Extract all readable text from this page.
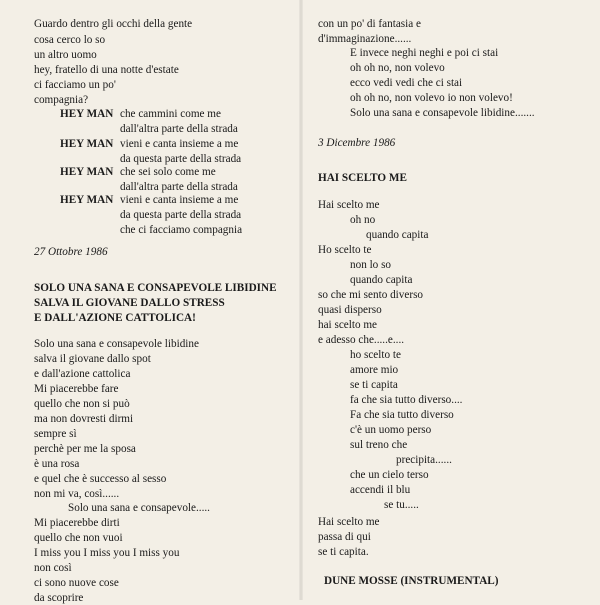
Guardo dentro gli occhi della gente
cosa cerco lo so
un altro uomo
hey, fratello di una notte d'estate
ci facciamo un po'
compagnia?
HEY MAN che cammini come me
dall'altra parte della strada
HEY MAN vieni e canta insieme a me
da questa parte della strada
HEY MAN che sei solo come me
dall'altra parte della strada
HEY MAN vieni e canta insieme a me
da questa parte della strada
che ci facciamo compagnia
27 Ottobre 1986
SOLO UNA SANA E CONSAPEVOLE LIBIDINE
SALVA IL GIOVANE DALLO STRESS
E DALL'AZIONE CATTOLICA!
Solo una sana e consapevole libidine
salva il giovane dallo spot
e dall'azione cattolica
Mi piacerebbe fare
quello che non si può
ma non dovresti dirmi
sempre sì
perchè per me la sposa
è una rosa
e quel che è successo al sesso
non mi va, così......
Solo una sana e consapevole.....
Mi piacerebbe dirti
quello che non vuoi
I miss you I miss you I miss you
non così
ci sono nuove cose
da scoprire
con un po' di fantasia e
d'immaginazione......
E invece neghi neghi e poi ci stai
oh oh no, non volevo
ecco vedi vedi che ci stai
oh oh no, non volevo io non volevo!
Solo una sana e consapevole libidine.......
3 Dicembre 1986
HAI SCELTO ME
Hai scelto me
oh no
quando capita
Ho scelto te
non lo so
quando capita
so che mi sento diverso
quasi disperso
hai scelto me
e adesso che.....e....
ho scelto te
amore mio
se ti capita
fa che sia tutto diverso....
Fa che sia tutto diverso
c'è un uomo perso
sul treno che
precipita......
che un cielo terso
accendi il blu
se tu.....
Hai scelto me
passa di qui
se ti capita.
DUNE MOSSE (INSTRUMENTAL)
